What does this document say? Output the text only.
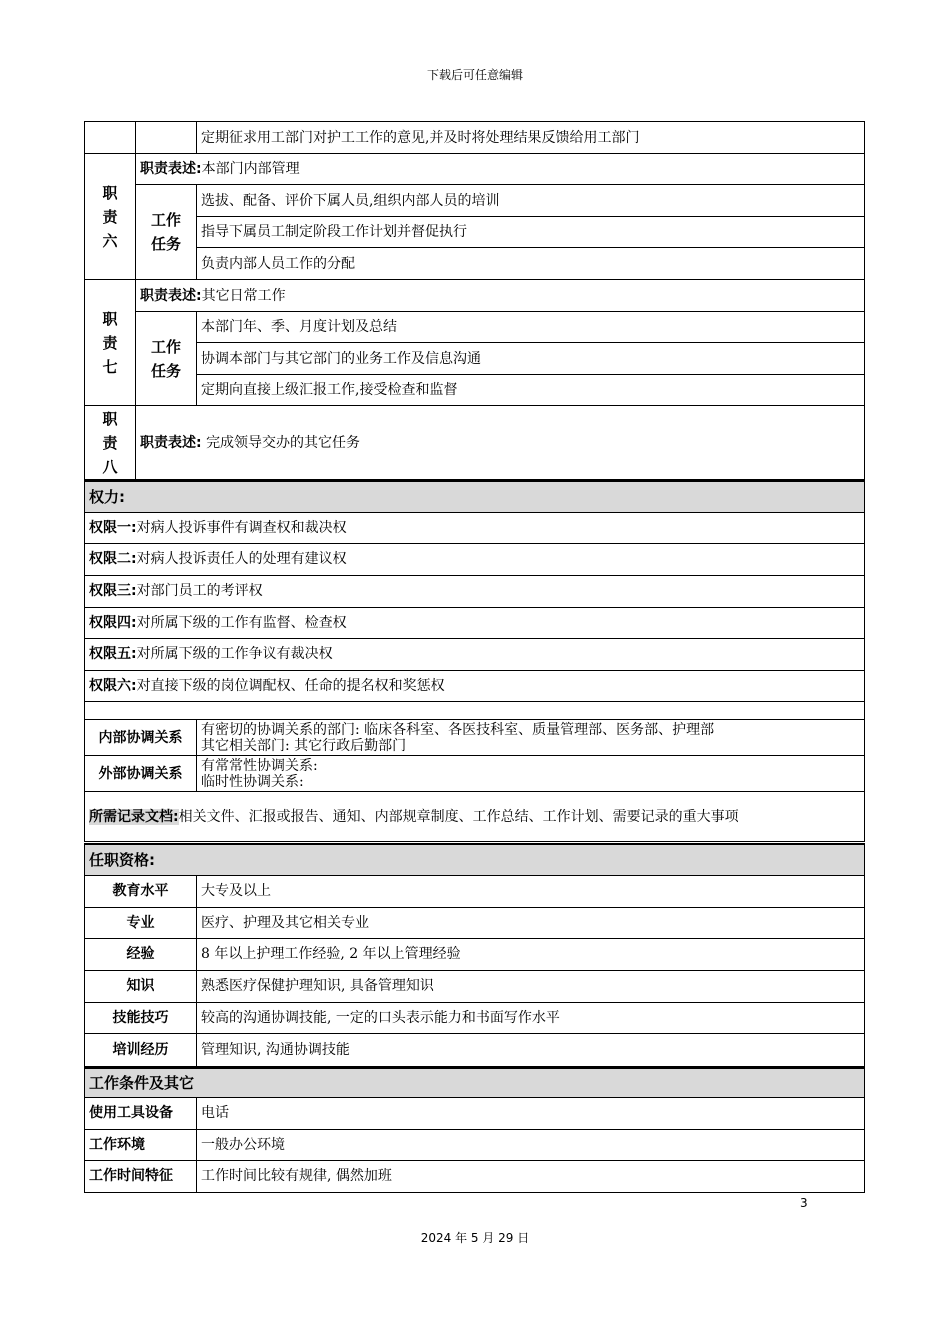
下载后可任意编辑
		定期征求用工部门对护工工作的意见,并及时将处理结果反馈给用工部门
职
责
六	职责表述:本部门内部管理	
	工作
任务	选拔、配备、评价下属人员,组织内部人员的培训
		指导下属员工制定阶段工作计划并督促执行
		负责内部人员工作的分配
职
责
七	职责表述:其它日常工作	
	工作
任务	本部门年、季、月度计划及总结
		协调本部门与其它部门的业务工作及信息沟通
		定期向直接上级汇报工作,接受检查和监督
职
责
八	职责表述: 完成领导交办的其它任务	
权力:
权限一:对病人投诉事件有调查权和裁决权
权限二:对病人投诉责任人的处理有建议权
权限三:对部门员工的考评权
权限四:对所属下级的工作有监督、检查权
权限五:对所属下级的工作争议有裁决权
权限六:对直接下级的岗位调配权、任命的提名权和奖惩权

内部协调关系	有密切的协调关系的部门: 临床各科室、各医技科室、质量管理部、医务部、护理部
其它相关部门: 其它行政后勤部门

外部协调关系	有常常性协调关系:
临时性协调关系:

所需记录文档:相关文件、汇报或报告、通知、内部规章制度、工作总结、工作计划、需要记录的重大事项	
任职资格:	
教育水平	大专及以上
专业	医疗、护理及其它相关专业
经验	8 年以上护理工作经验, 2 年以上管理经验
知识	熟悉医疗保健护理知识, 具备管理知识
技能技巧	较高的沟通协调技能, 一定的口头表示能力和书面写作水平
培训经历	管理知识, 沟通协调技能
工作条件及其它	
使用工具设备	电话
工作环境	一般办公环境
工作时间特征	工作时间比较有规律, 偶然加班
3
2024 年 5 月 29 日
